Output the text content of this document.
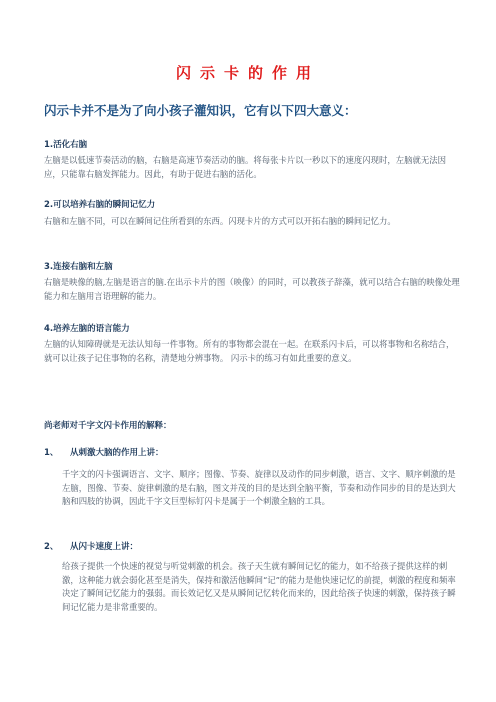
闪示卡的作用
闪示卡并不是为了向小孩子灌知识，它有以下四大意义：
1.活化右脑
左脑是以低速节奏活动的脑，右脑是高速节奏活动的脑。将每张卡片以一秒以下的速度闪现时，左脑就无法因应，只能靠右脑发挥能力。因此，有助于促进右脑的活化。
2.可以培养右脑的瞬间记忆力
右脑和左脑不同，可以在瞬间记住所看到的东西。闪现卡片的方式可以开拓右脑的瞬间记忆力。
3.连接右脑和左脑
右脑是映像的脑,左脑是语言的脑.在出示卡片的图（映像）的同时，可以教孩子辞藻，就可以结合右脑的映像处理能力和左脑用言语理解的能力。
4.培养左脑的语言能力
左脑的认知障碍就是无法认知每一件事物。所有的事物都会混在一起。在联系闪卡后，可以将事物和名称结合，就可以让孩子记住事物的名称，清楚地分辨事物。 闪示卡的练习有如此重要的意义。
尚老师对千字文闪卡作用的解释：
1、 从刺激大脑的作用上讲：
千字文的闪卡强调语言、文字、顺序；图像、节奏、旋律以及动作的同步刺激，语言、文字、顺序刺激的是左脑，图像、节奏、旋律刺激的是右脑，图文并茂的目的是达到全脑平衡，节奏和动作同步的目的是达到大脑和四肢的协调，因此千字文巨型标钉闪卡是属于一个刺激全脑的工具。
2、 从闪卡速度上讲：
给孩子提供一个快速的视觉与听觉刺激的机会。孩子天生就有瞬间记忆的能力，如不给孩子提供这样的刺激，这种能力就会弱化甚至是消失，保持和激活他瞬间“记”的能力是他快速记忆的前提，刺激的程度和频率决定了瞬间记忆能力的强弱。而长效记忆又是从瞬间记忆转化而来的，因此给孩子快速的刺激，保持孩子瞬间记忆能力是非常重要的。
